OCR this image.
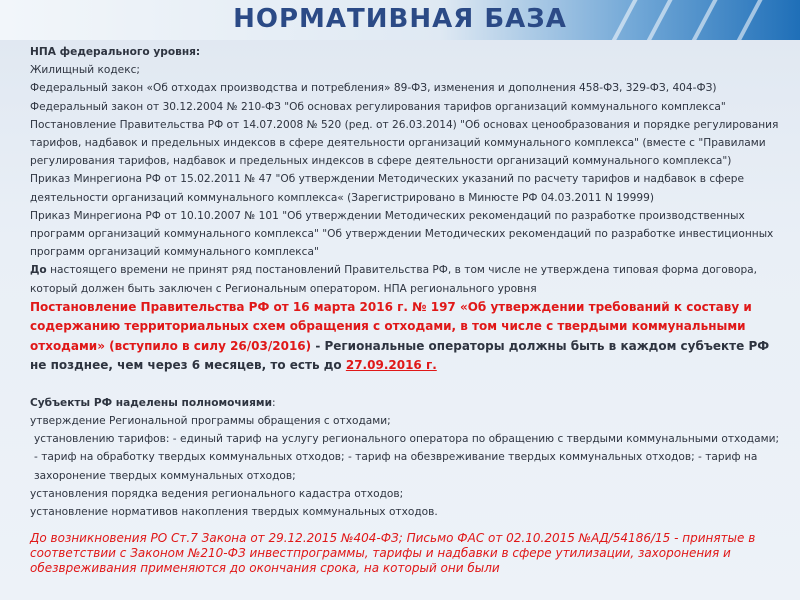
НОРМАТИВНАЯ БАЗА

НПА федерального уровня:

Жилищный кодекс;

Федеральный закон «Об отходах производства и потребления» 89-ФЗ, изменения и дополнения 458-ФЗ, 329-ФЗ, 404-ФЗ)

Федеральный закон от 30.12.2004 № 210-ФЗ "Об основах регулирования тарифов организаций коммунального комплекса"

Постановление Правительства РФ от 14.07.2008 № 520 (ред. от 26.03.2014) "Об основах ценообразования и порядке регулирования тарифов, надбавок и предельных индексов в сфере деятельности организаций коммунального комплекса" (вместе с "Правилами регулирования тарифов, надбавок и предельных индексов в сфере деятельности организаций коммунального комплекса")

Приказ Минрегиона РФ от 15.02.2011 № 47 "Об утверждении Методических указаний по расчету тарифов и надбавок в сфере деятельности организаций коммунального комплекса« (Зарегистрировано в Минюсте РФ 04.03.2011 N 19999)

Приказ Минрегиона РФ от 10.10.2007 № 101 "Об утверждении Методических рекомендаций по разработке производственных программ организаций коммунального комплекса" "Об утверждении Методических рекомендаций по разработке инвестиционных программ организаций коммунального комплекса"

До настоящего времени не принят ряд постановлений Правительства РФ, в том числе не утверждена типовая форма договора, который должен быть заключен с Региональным оператором. НПА регионального уровня

Постановление Правительства РФ от 16 марта 2016 г. № 197 «Об утверждении требований к составу и содержанию территориальных схем обращения с отходами, в том числе с твердыми коммунальными отходами» (вступило в силу 26/03/2016) - Региональные операторы должны быть в каждом субъекте РФ не позднее, чем через 6 месяцев, то есть до 27.09.2016 г.

Субъекты РФ наделены полномочиями:

утверждение Региональной программы обращения с отходами;

установлению тарифов: - единый тариф на услугу регионального оператора по обращению с твердыми коммунальными отходами; - тариф на обработку твердых коммунальных отходов; - тариф на обезвреживание твердых коммунальных отходов; - тариф на захоронение твердых коммунальных отходов;

установления порядка ведения регионального кадастра отходов;

установление нормативов накопления твердых коммунальных отходов.

До возникновения РО Ст.7 Закона от 29.12.2015 №404-ФЗ; Письмо ФАС от 02.10.2015 №АД/54186/15 - принятые в соответствии с Законом №210-ФЗ инвестпрограммы, тарифы и надбавки в сфере утилизации, захоронения и обезвреживания применяются до окончания срока, на который они были
